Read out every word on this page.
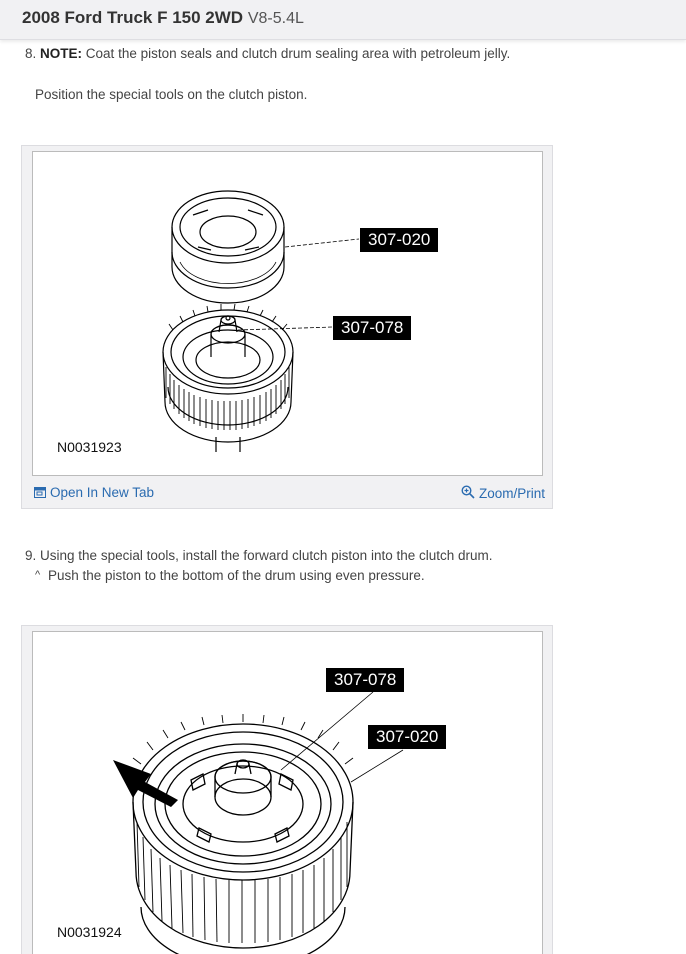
2008 Ford Truck F 150 2WD V8-5.4L
8. NOTE: Coat the piston seals and clutch drum sealing area with petroleum jelly.
Position the special tools on the clutch piston.
307-020
307-078
N0031923
Open In New Tab	Zoom/Print
9. Using the special tools, install the forward clutch piston into the clutch drum.
^ Push the piston to the bottom of the drum using even pressure.
307-078
307-020
N0031924
